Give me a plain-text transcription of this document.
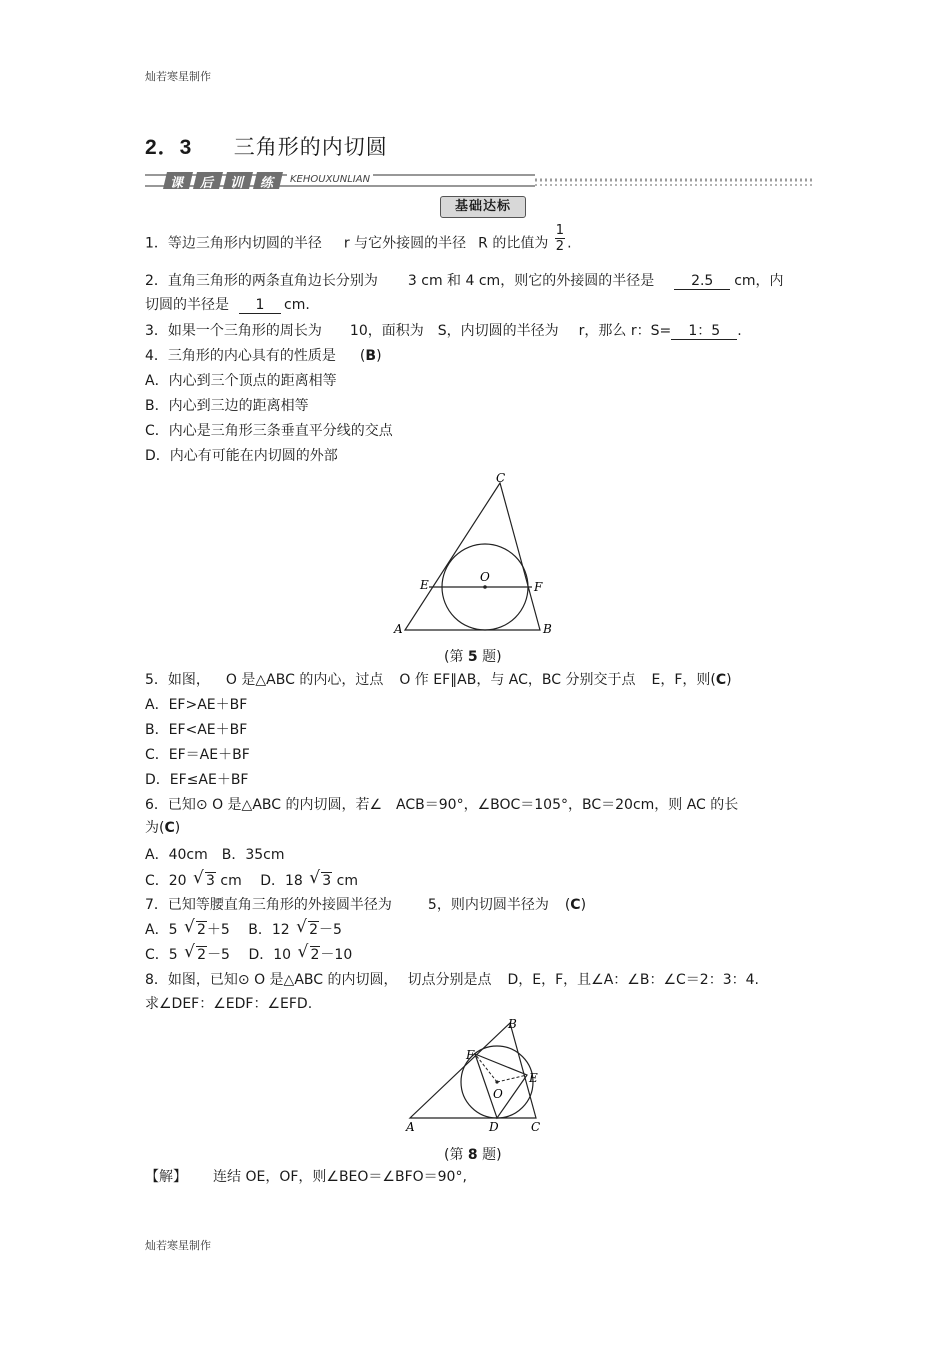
灿若寒星制作
2．3 三角形的内切圆
课 后 训 练	KEHOUXUNLIAN
基础达标
1．等边三角形内切圆的半径 r 与它外接圆的半径 R 的比值为 $\frac{1}{2}$ .
2．直角三角形的两条直角边长分别为 3 cm 和 4 cm，则它的外接圆的半径是	2.5 cm，内
切圆的半径是 1 cm.
3．如果一个三角形的周长为 10，面积为 S，内切圆的半径为 r，那么 r：S= 1：5 .
4．三角形的内心具有的性质是 (B)
A．内心到三个顶点的距离相等
B．内心到三边的距离相等
C．内心是三角形三条垂直平分线的交点
D．内心有可能在内切圆的外部
C
A	B
E	F
O
(第 5 题)
5．如图， O 是△ABC 的内心，过点 O 作 EF∥AB，与 AC，BC 分别交于点 E，F，则(C)
A．EF>AE＋BF
B．EF<AE＋BF
C．EF＝AE＋BF
D．EF≤AE＋BF
6．已知⊙ O 是△ABC 的内切圆，若∠ ACB＝90°，∠BOC＝105°，BC＝20cm，则 AC 的长
为(C)
A．40cm　B．35cm
C．20 √ 3 cm D．18 √ 3 cm
7．已知等腰直角三角形的外接圆半径为	5，则内切圆半径为 (C)
A．5 √ 2＋5 B．12 √ 2－5
C．5 √ 2－5 D．10 √ 2－10
8．如图，已知⊙ O 是△ABC 的内切圆， 切点分别是点 D，E，F，且∠A：∠B：∠C＝2：3：4.
求∠DEF：∠EDF：∠EFD.
B
F
E
O
A	D	C
(第 8 题)
【解】 连结 OE，OF，则∠BEO＝∠BFO＝90°,
灿若寒星制作
